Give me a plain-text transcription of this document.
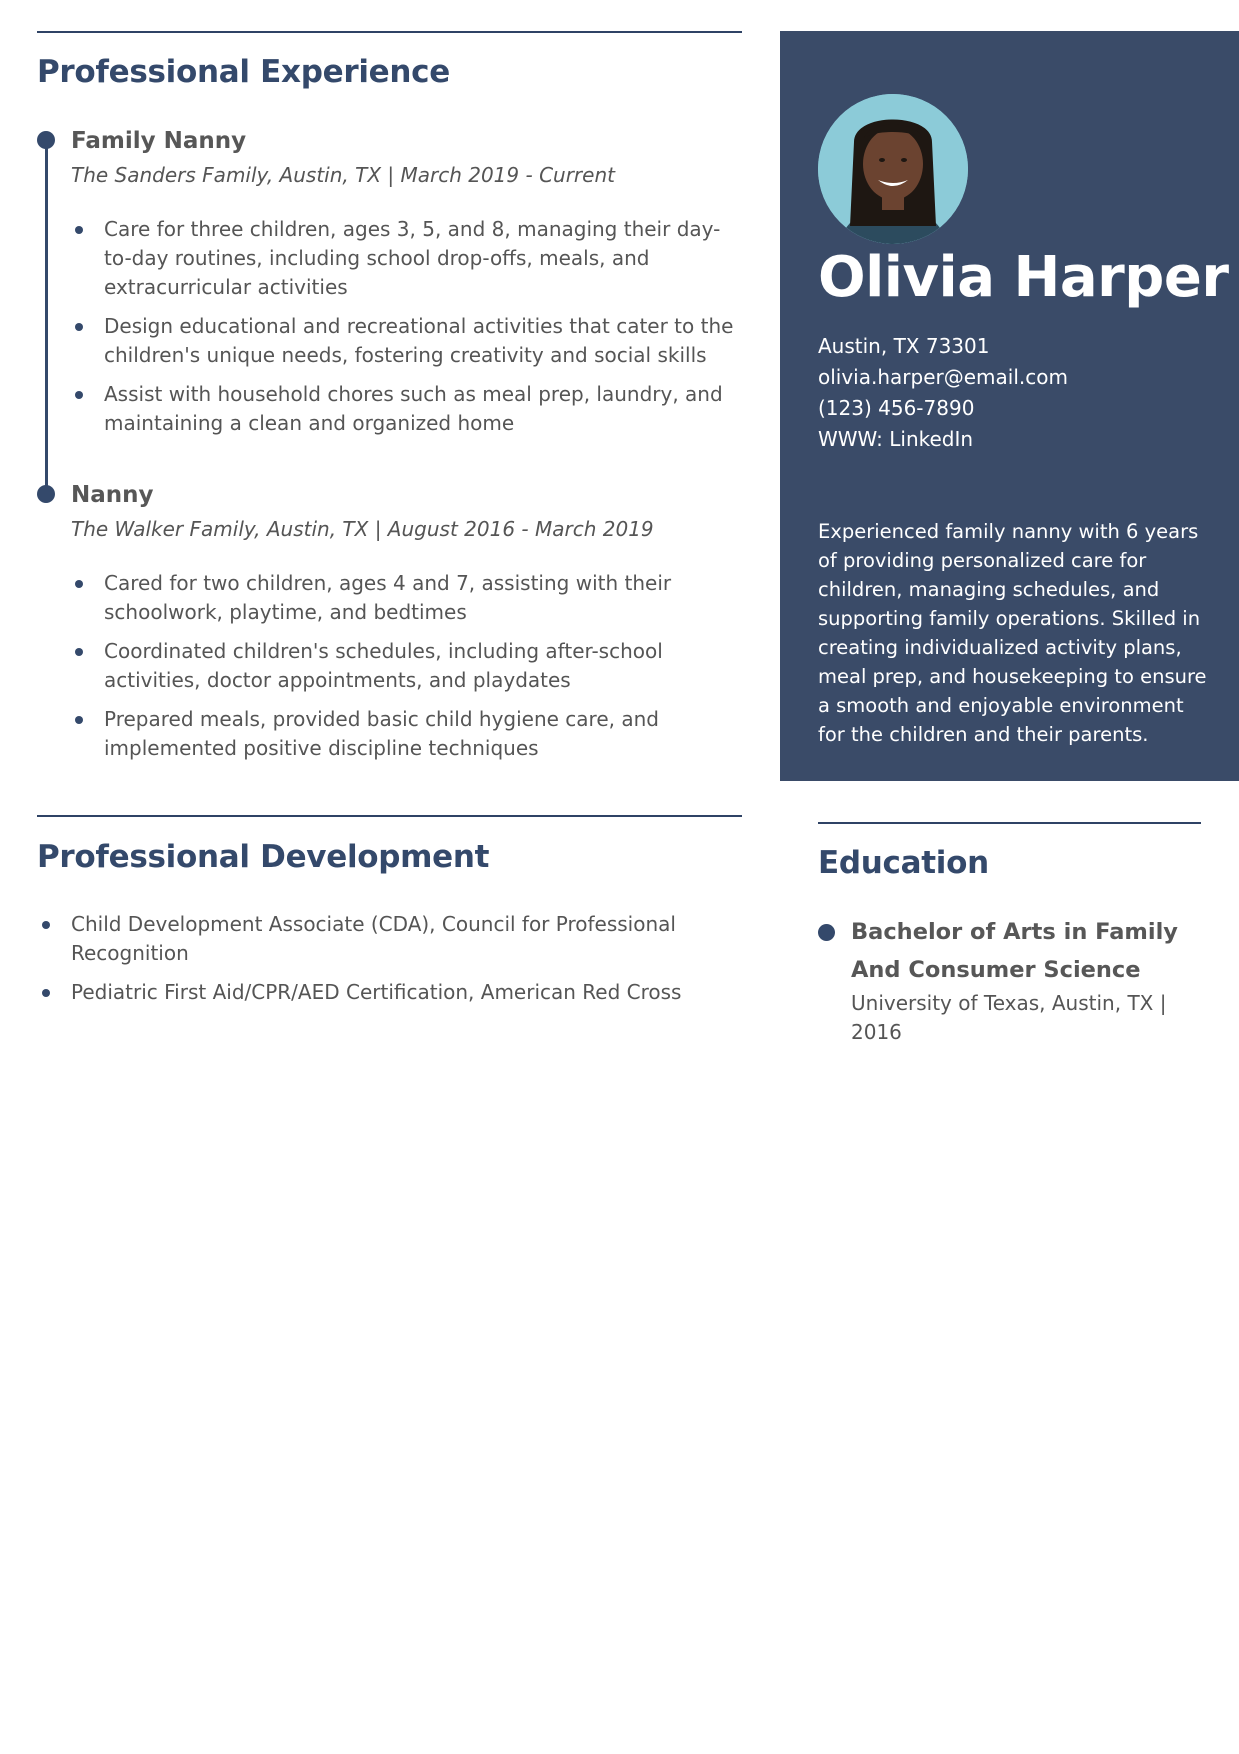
Professional Experience
Family Nanny

The Sanders Family, Austin, TX | March 2019 - Current

Care for three children, ages 3, 5, and 8, managing their day-to-day routines, including school drop-offs, meals, and extracurricular activities
Design educational and recreational activities that cater to the children's unique needs, fostering creativity and social skills
Assist with household chores such as meal prep, laundry, and maintaining a clean and organized home
Nanny

The Walker Family, Austin, TX | August 2016 - March 2019

Cared for two children, ages 4 and 7, assisting with their schoolwork, playtime, and bedtimes
Coordinated children's schedules, including after-school activities, doctor appointments, and playdates
Prepared meals, provided basic child hygiene care, and implemented positive discipline techniques
Professional Development
Child Development Associate (CDA), Council for Professional Recognition
Pediatric First Aid/CPR/AED Certification, American Red Cross
Olivia Harper
Austin, TX 73301
olivia.harper@email.com
(123) 456-7890
WWW: LinkedIn

Experienced family nanny with 6 years of providing personalized care for children, managing schedules, and supporting family operations. Skilled in creating individualized activity plans, meal prep, and housekeeping to ensure a smooth and enjoyable environment for the children and their parents.

Education

Bachelor of Arts in Family And Consumer Science

University of Texas, Austin, TX | 2016
